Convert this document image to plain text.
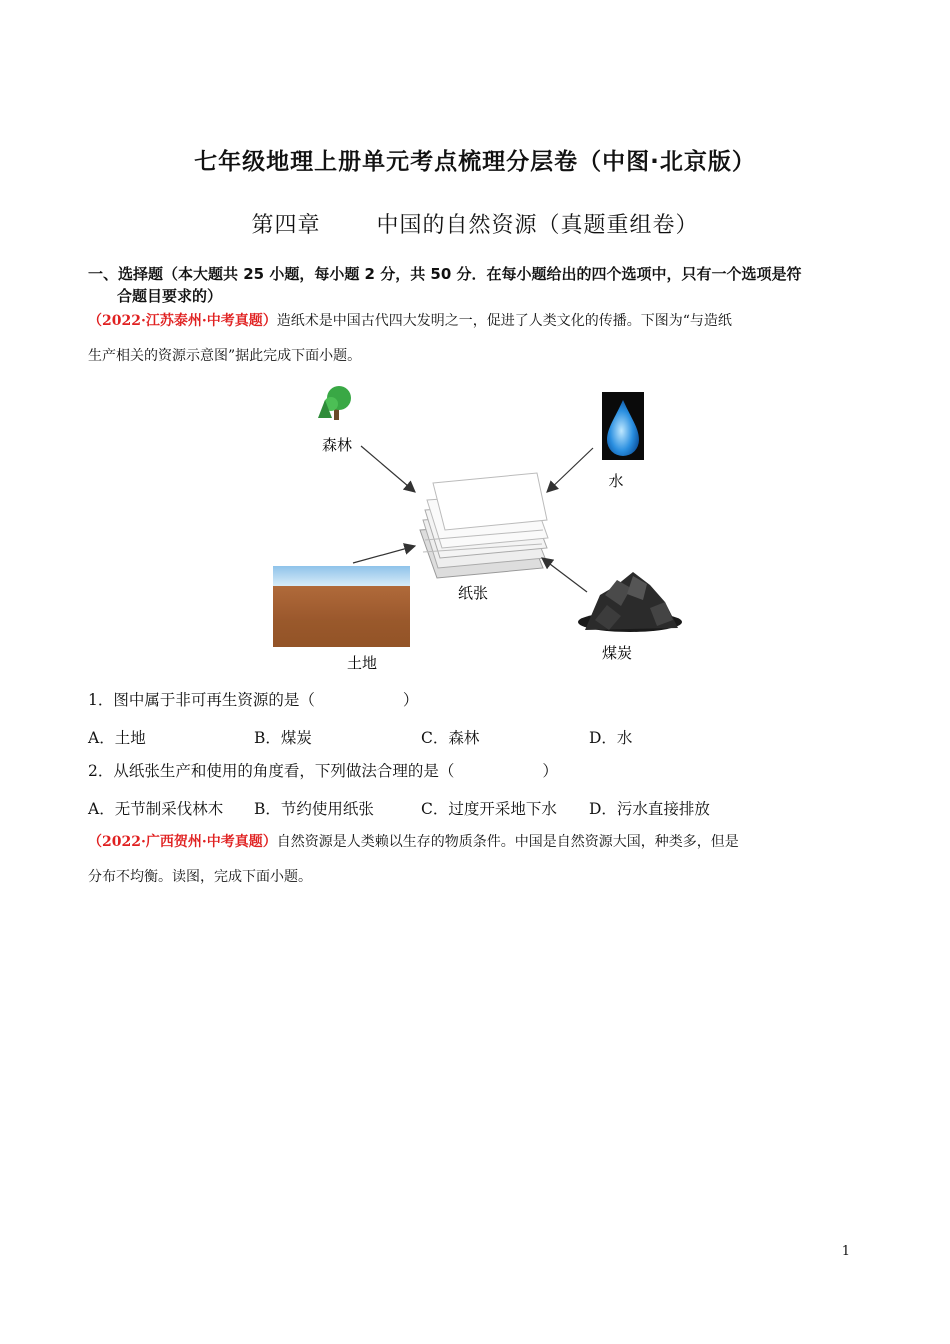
七年级地理上册单元考点梳理分层卷（中图·北京版）
第四章	中国的自然资源（真题重组卷）
一、选择题（本大题共 25 小题，每小题 2 分，共 50 分．在每小题给出的四个选项中，只有一个选项是符
合题目要求的）
（2022·江苏泰州·中考真题）造纸术是中国古代四大发明之一，促进了人类文化的传播。下图为“与造纸
生产相关的资源示意图”据此完成下面小题。
森林
水
纸张
土地
煤炭
1．图中属于非可再生资源的是（	）
A．土地	B．煤炭	C．森林	D．水
2．从纸张生产和使用的角度看，下列做法合理的是（	）
A．无节制采伐林木 B．节约使用纸张	C．过度开采地下水 D．污水直接排放
（2022·广西贺州·中考真题）自然资源是人类赖以生存的物质条件。中国是自然资源大国，种类多，但是
分布不均衡。读图，完成下面小题。
1
